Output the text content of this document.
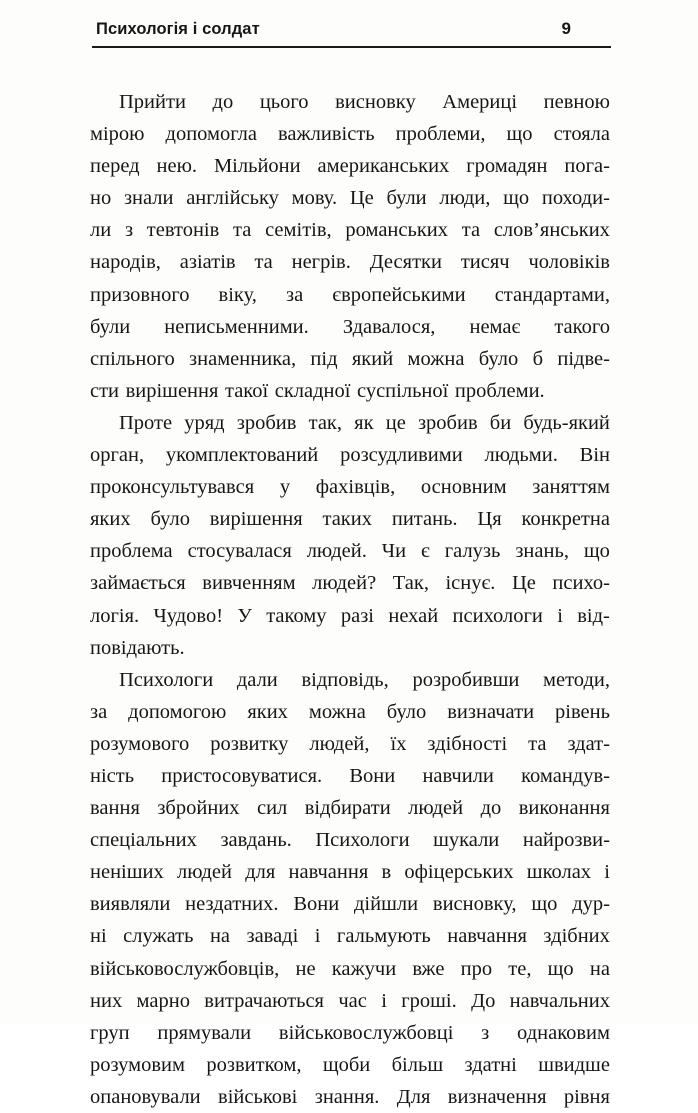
Психологія і солдат	9
Прийти до цього висновку Америці певною
мірою допомогла важливість проблеми, що стояла
перед нею. Мільйони американських громадян пога-
но знали англійську мову. Це були люди, що походи-
ли з тевтонів та семітів, романських та слов’янських
народів, азіатів та негрів. Десятки тисяч чоловіків
призовного віку, за європейськими стандартами,
були неписьменними. Здавалося, немає такого
спільного знаменника, під який можна було б підве-
сти вирішення такої складної суспільної проблеми.
Проте уряд зробив так, як це зробив би будь-який
орган, укомплектований розсудливими людьми. Він
проконсультувався у фахівців, основним заняттям
яких було вирішення таких питань. Ця конкретна
проблема стосувалася людей. Чи є галузь знань, що
займається вивченням людей? Так, існує. Це психо-
логія. Чудово! У такому разі нехай психологи і від-
повідають.
Психологи дали відповідь, розробивши методи,
за допомогою яких можна було визначати рівень
розумового розвитку людей, їх здібності та здат-
ність пристосовуватися. Вони навчили командув-
вання збройних сил відбирати людей до виконання
спеціальних завдань. Психологи шукали найрозви-
неніших людей для навчання в офіцерських школах і
виявляли нездатних. Вони дійшли висновку, що дур-
ні служать на заваді і гальмують навчання здібних
військовослужбовців, не кажучи вже про те, що на
них марно витрачаються час і гроші. До навчальних
груп прямували військовослужбовці з однаковим
розумовим розвитком, щоби більш здатні швидше
опановували військові знання. Для визначення рівня
